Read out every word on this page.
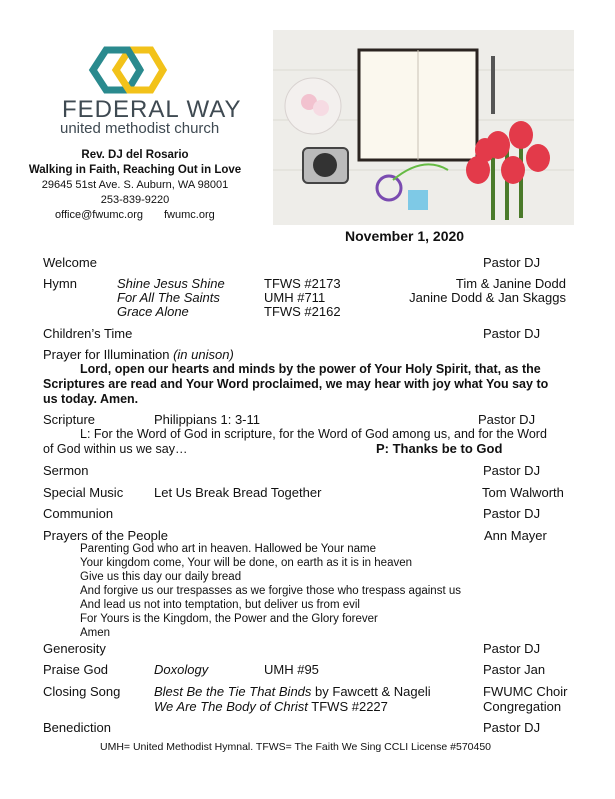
FEDERAL WAY
united methodist church
Rev. DJ del Rosario
Walking in Faith, Reaching Out in Love
29645 51st Ave. S. Auburn, WA 98001
253-839-9220
office@fwumc.org fwumc.org
November 1, 2020
Welcome	Pastor DJ
Hymn	Shine Jesus Shine	TFWS #2173	Tim & Janine Dodd
For All The Saints	UMH #711	Janine Dodd & Jan Skaggs
Grace Alone	TFWS #2162
Children’s Time	Pastor DJ
Prayer for Illumination (in unison)
Lord, open our hearts and minds by the power of Your Holy Spirit, that, as the
Scriptures are read and Your Word proclaimed, we may hear with joy what You say to
us today. Amen.
Scripture	Philippians 1: 3-11	Pastor DJ
L: For the Word of God in scripture, for the Word of God among us, and for the Word
of God within us we say…	P: Thanks be to God
Sermon	Pastor DJ
Special Music Let Us Break Bread Together	Tom Walworth
Communion	Pastor DJ
Prayers of the People	Ann Mayer
Parenting God who art in heaven. Hallowed be Your name
Your kingdom come, Your will be done, on earth as it is in heaven
Give us this day our daily bread
And forgive us our trespasses as we forgive those who trespass against us
And lead us not into temptation, but deliver us from evil
For Yours is the Kingdom, the Power and the Glory forever
Amen
Generosity	Pastor DJ
Praise God	Doxology	UMH #95	Pastor Jan
Closing Song	Blest Be the Tie That Binds by Fawcett & Nageli	FWUMC Choir
We Are The Body of Christ TFWS #2227	Congregation
Benediction	Pastor DJ
UMH= United Methodist Hymnal. TFWS= The Faith We Sing CCLI License #570450
